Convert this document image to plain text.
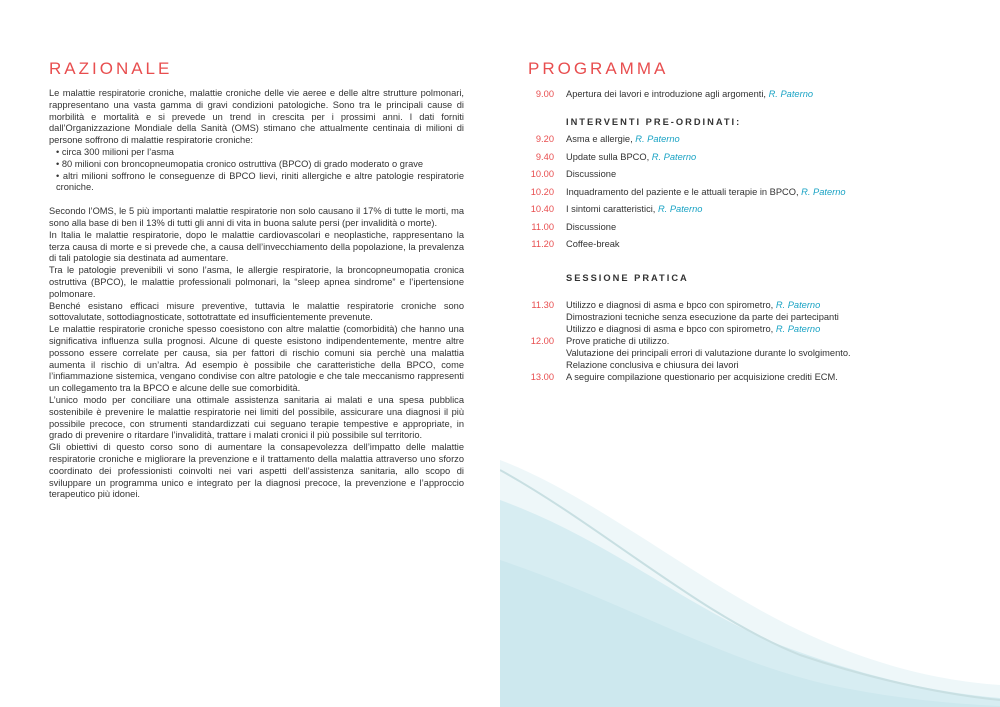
RAZIONALE

Le malattie respiratorie croniche, malattie croniche delle vie aeree e delle altre strutture polmonari, rappresentano una vasta gamma di gravi condizioni patologiche. Sono tra le principali cause di morbilità e mortalità e si prevede un trend in crescita per i prossimi anni. I dati forniti dall’Organizzazione Mondiale della Sanità (OMS) stimano che attualmente centinaia di milioni di persone soffrono di malattie respiratorie croniche:

• circa 300 milioni per l’asma
• 80 milioni con broncopneumopatia cronico ostruttiva (BPCO) di grado moderato o grave
• altri milioni soffrono le conseguenze di BPCO lievi, riniti allergiche e altre patologie respiratorie croniche.

Secondo l’OMS, le 5 più importanti malattie respiratorie non solo causano il 17% di tutte le morti, ma sono alla base di ben il 13% di tutti gli anni di vita in buona salute persi (per invalidità o morte).

In Italia le malattie respiratorie, dopo le malattie cardiovascolari e neoplastiche, rappresentano la terza causa di morte e si prevede che, a causa dell’invecchiamento della popolazione, la prevalenza di tali patologie sia destinata ad aumentare.

Tra le patologie prevenibili vi sono l’asma, le allergie respiratorie, la broncopneumopatia cronica ostruttiva (BPCO), le malattie professionali polmonari, la “sleep apnea sindrome” e l’ipertensione polmonare.

Benché esistano efficaci misure preventive, tuttavia le malattie respiratorie croniche sono sottovalutate, sottodiagnosticate, sottotrattate ed insufficientemente prevenute.

Le malattie respiratorie croniche spesso coesistono con altre malattie (comorbidità) che hanno una significativa influenza sulla prognosi. Alcune di queste esistono indipendentemente, mentre altre possono essere correlate per causa, sia per fattori di rischio comuni sia perchè una malattia aumenta il rischio di un’altra. Ad esempio è possibile che caratteristiche della BPCO, come l’infiammazione sistemica, vengano condivise con altre patologie e che tale meccanismo rappresenti un collegamento tra la BPCO e alcune delle sue comorbidità.

L’unico modo per conciliare una ottimale assistenza sanitaria ai malati e una spesa pubblica sostenibile è prevenire le malattie respiratorie nei limiti del possibile, assicurare una diagnosi il più possibile precoce, con strumenti standardizzati cui seguano terapie tempestive e appropriate, in grado di prevenire o ritardare l’invalidità, trattare i malati cronici il più possibile sul territorio.

Gli obiettivi di questo corso sono di aumentare la consapevolezza dell’impatto delle malattie respiratorie croniche e migliorare la prevenzione e il trattamento della malattia attraverso uno sforzo coordinato dei professionisti coinvolti nei vari aspetti dell’assistenza sanitaria, allo scopo di sviluppare un programma unico e integrato per la diagnosi precoce, la prevenzione e l’approccio terapeutico più idonei.

PROGRAMMA
9.00 Apertura dei lavori e introduzione agli argomenti, R. Paterno
INTERVENTI PRE-ORDINATI:
9.20 Asma e allergie, R. Paterno
9.40 Update sulla BPCO, R. Paterno
10.00 Discussione
10.20 Inquadramento del paziente e le attuali terapie in BPCO, R. Paterno
10.40 I sintomi caratteristici, R. Paterno
11.00 Discussione
11.20 Coffee-break
SESSIONE PRATICA
11.30 Utilizzo e diagnosi di asma e bpco con spirometro, R. Paterno
Dimostrazioni tecniche senza esecuzione da parte dei partecipanti
Utilizzo e diagnosi di asma e bpco con spirometro, R. Paterno
12.00 Prove pratiche di utilizzo.
Valutazione dei principali errori di valutazione durante lo svolgimento.
Relazione conclusiva e chiusura dei lavori
13.00 A seguire compilazione questionario per acquisizione crediti ECM.
